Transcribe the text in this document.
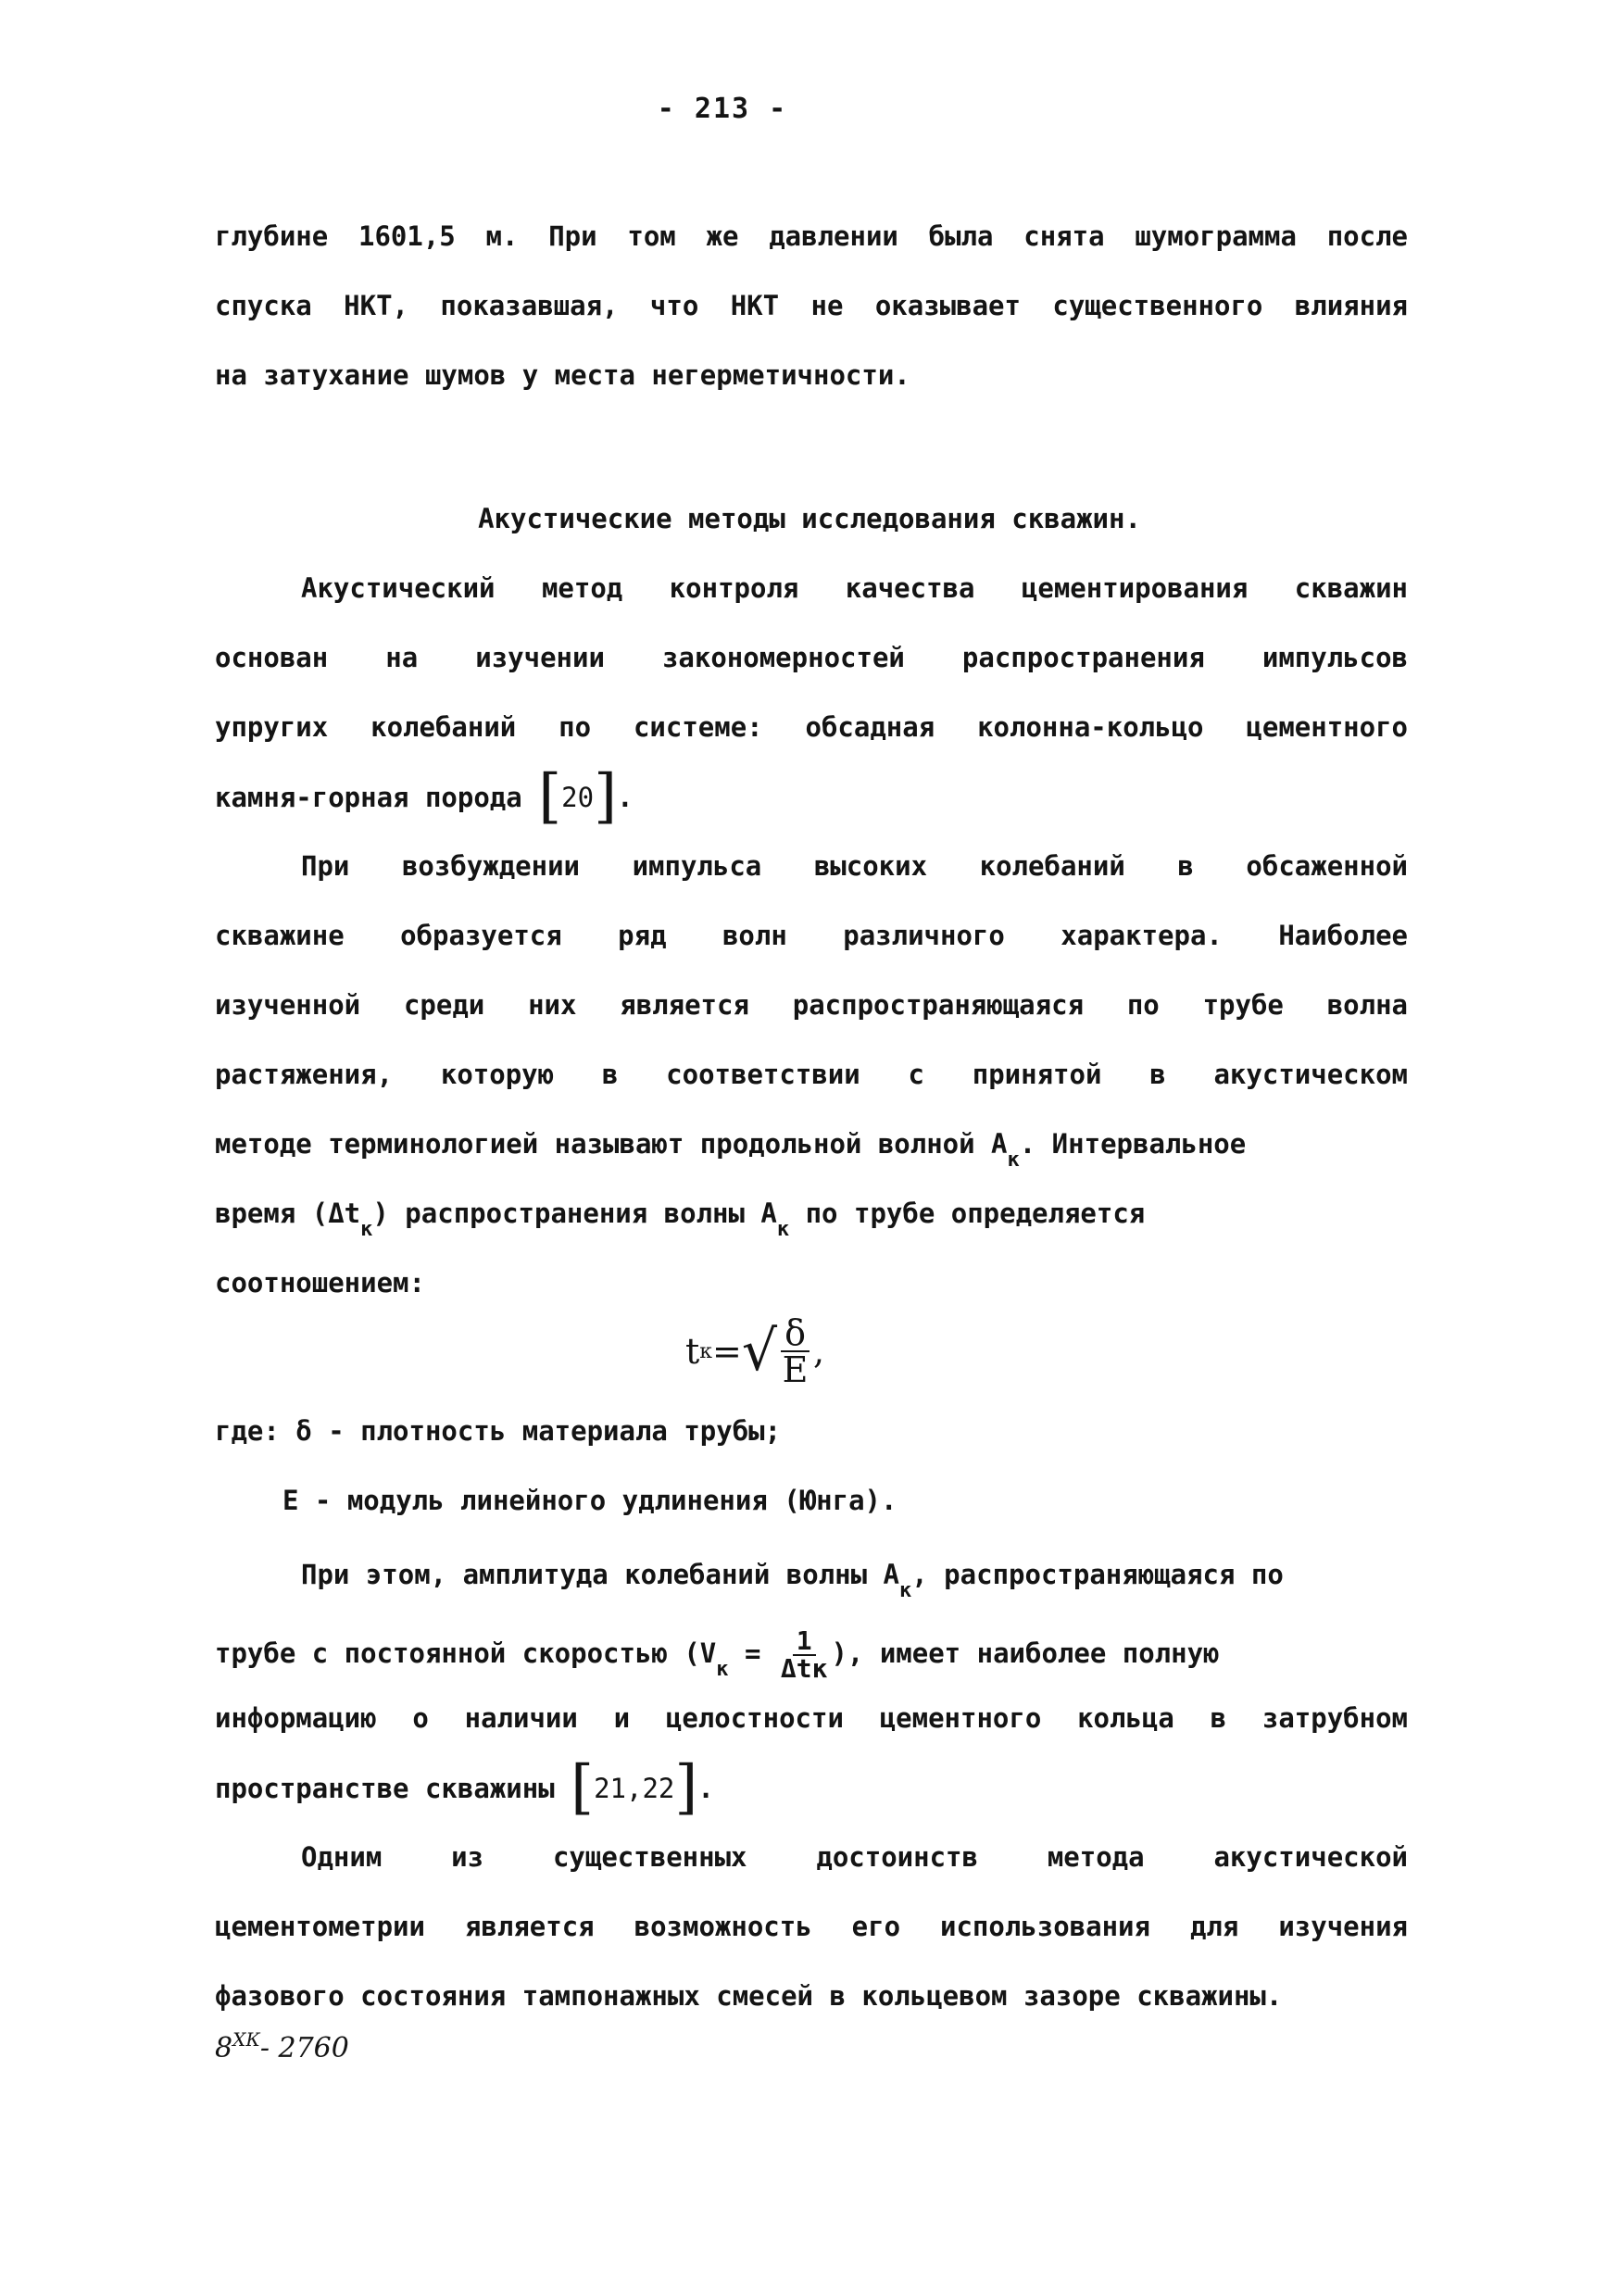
- 213 -
глубине 1601,5 м. При том же давлении была снята шумограмма после
спуска НКТ, показавшая, что НКТ не оказывает существенного влияния
на затухание шумов у места негерметичности.
Акустические методы исследования скважин.
Акустический метод контроля качества цементирования скважин
основан на изучении закономерностей распространения импульсов
упругих колебаний по системе: обсадная колонна-кольцо цементного
камня-горная порода [20].
При возбуждении импульса высоких колебаний в обсаженной
скважине образуется ряд волн различного характера. Наиболее
изученной среди них является распространяющаяся по трубе волна
растяжения, которую в соответствии с принятой в акустическом
методе терминологией называют продольной волной $А_к$. Интервальное
время $(\Delta t_к)$ распространения волны $А_к$ по трубе определяется
соотношением:
t к = √ $\frac{\delta}{E}$ ,
где: δ - плотность материала трубы;
E - модуль линейного удлинения (Юнга).
При этом, амплитуда колебаний волны $А_к$, распространяющаяся по
трубе с постоянной скоростью ($V_к = \frac{1}{\text{Δtк}}$ ), имеет наиболее полную
информацию о наличии и целостности цементного кольца в затрубном
пространстве скважины [21,22].
Одним из существенных достоинств метода акустической
цементометрии является возможность его использования для изучения
фазового состояния тампонажных смесей в кольцевом зазоре скважины.
$8^{ХК}-$ 2760
